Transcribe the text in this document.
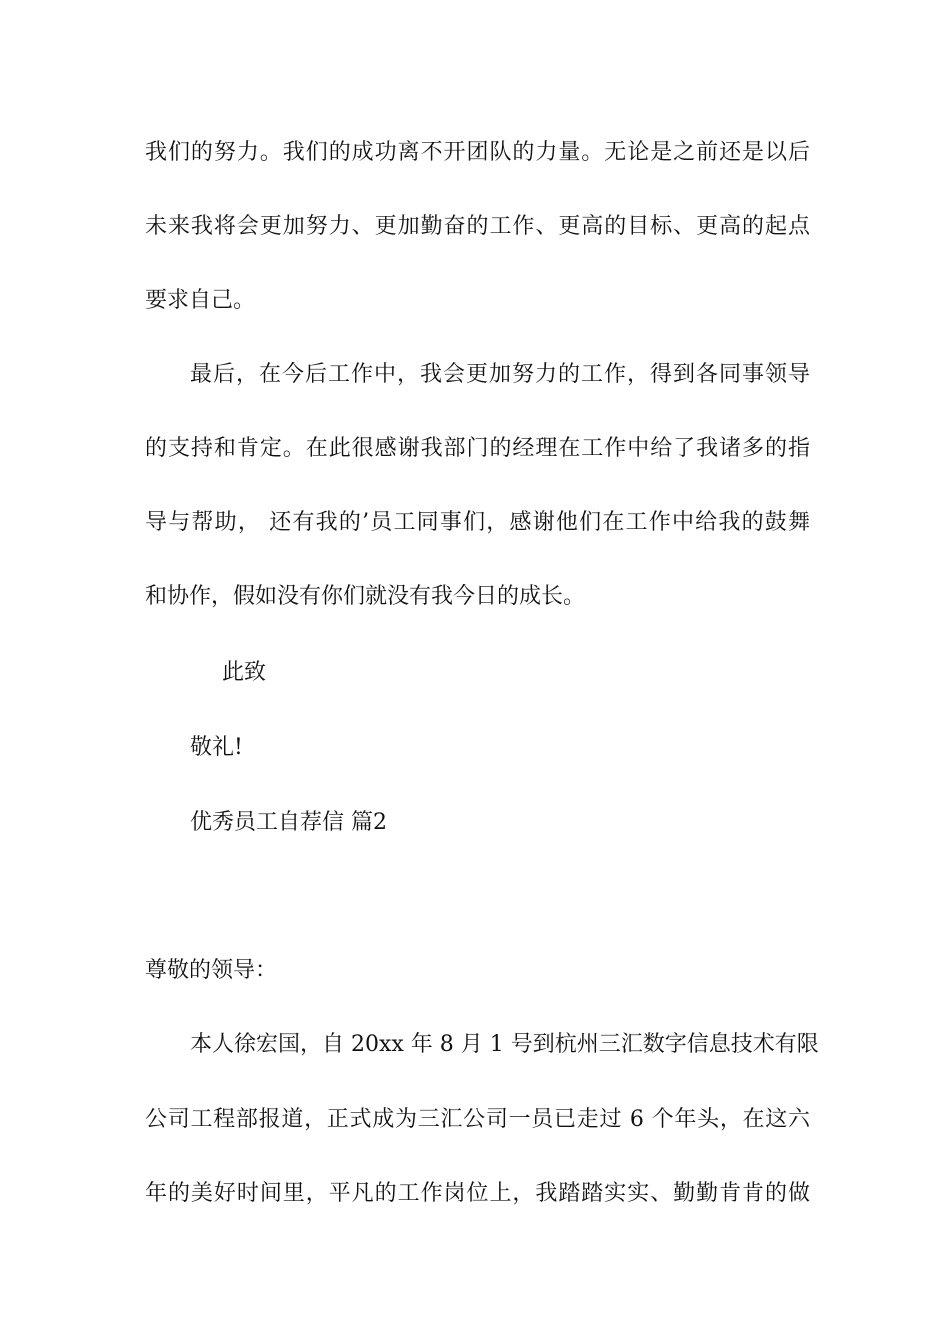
我们的努力。我们的成功离不开团队的力量。无论是之前还是以后
未来我将会更加努力、更加勤奋的工作、更高的目标、更高的起点
要求自己。
最后，在今后工作中，我会更加努力的工作，得到各同事领导
的支持和肯定。在此很感谢我部门的经理在工作中给了我诸多的指
导与帮助， 还有我的’员工同事们，感谢他们在工作中给我的鼓舞
和协作，假如没有你们就没有我今日的成长。
此致
敬礼!
优秀员工自荐信 篇2
尊敬的领导：
本人徐宏国，自 20xx 年 8 月 1 号到杭州三汇数字信息技术有限
公司工程部报道，正式成为三汇公司一员已走过 6 个年头，在这六
年的美好时间里，平凡的工作岗位上，我踏踏实实、勤勤肯肯的做
